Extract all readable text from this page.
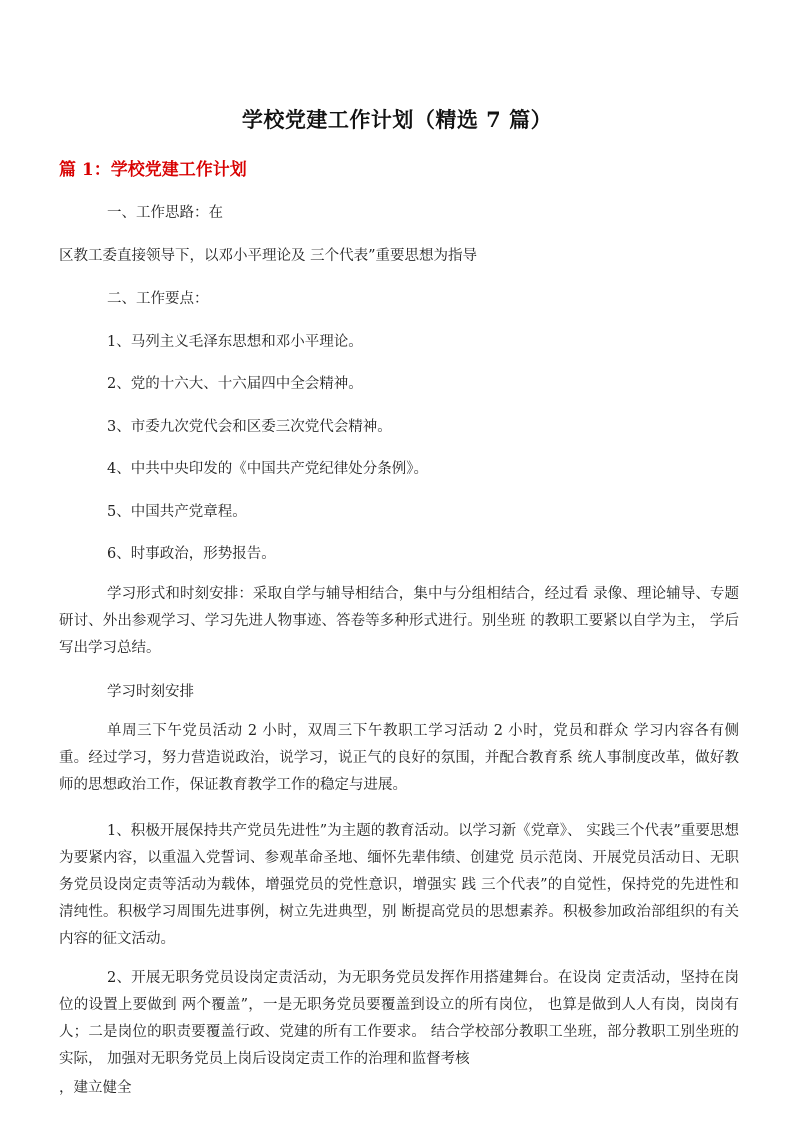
学校党建工作计划（精选 7 篇）
篇 1：学校党建工作计划
一、工作思路：在
区教工委直接领导下，以邓小平理论及 三个代表”重要思想为指导
二、工作要点：
1、马列主义毛泽东思想和邓小平理论。
2、党的十六大、十六届四中全会精神。
3、市委九次党代会和区委三次党代会精神。
4、中共中央印发的《中国共产党纪律处分条例》。
5、中国共产党章程。
6、时事政治，形势报告。
学习形式和时刻安排：采取自学与辅导相结合，集中与分组相结合，经过看 录像、理论辅导、专题研讨、外出参观学习、学习先进人物事迹、答卷等多种形式进行。别坐班 的教职工要紧以自学为主， 学后写出学习总结。
学习时刻安排
单周三下午党员活动 2 小时，双周三下午教职工学习活动 2 小时，党员和群众 学习内容各有侧重。经过学习，努力营造说政治，说学习，说正气的良好的氛围，并配合教育系 统人事制度改革，做好教师的思想政治工作，保证教育教学工作的稳定与进展。
1、积极开展保持共产党员先进性”为主题的教育活动。以学习新《党章》、 实践三个代表”重要思想为要紧内容，以重温入党誓词、参观革命圣地、缅怀先辈伟绩、创建党 员示范岗、开展党员活动日、无职务党员设岗定责等活动为载体，增强党员的党性意识，增强实 践 三个代表”的自觉性，保持党的先进性和清纯性。积极学习周围先进事例，树立先进典型，别 断提高党员的思想素养。积极参加政治部组织的有关内容的征文活动。
2、开展无职务党员设岗定责活动，为无职务党员发挥作用搭建舞台。在设岗 定责活动，坚持在岗位的设置上要做到 两个覆盖”，一是无职务党员要覆盖到设立的所有岗位， 也算是做到人人有岗，岗岗有人；二是岗位的职责要覆盖行政、党建的所有工作要求。 结合学校部分教职工坐班，部分教职工别坐班的实际， 加强对无职务党员上岗后设岗定责工作的治理和监督考核
，建立健全
